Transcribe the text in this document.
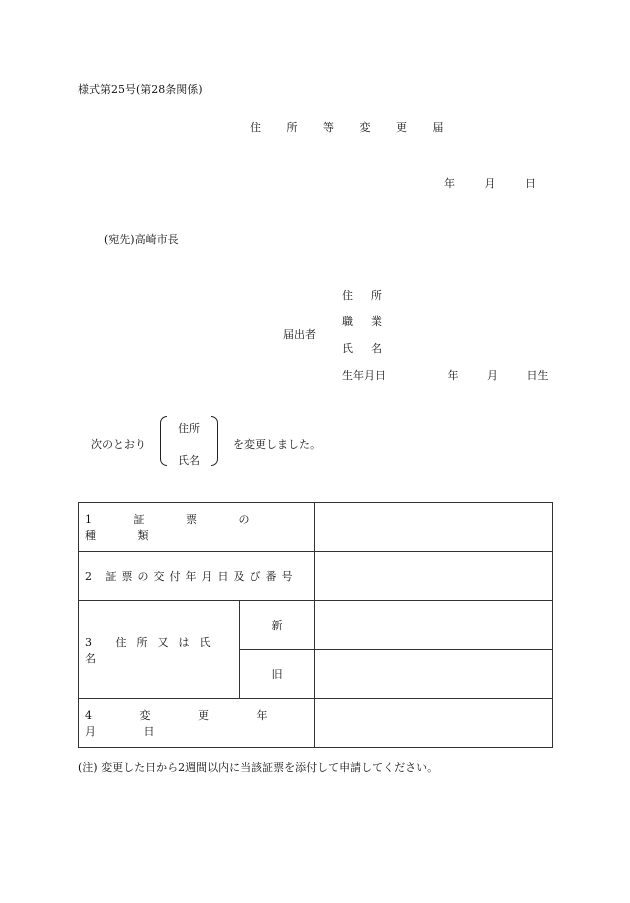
様式第25号(第28条関係)
住 所 等 変 更 届
年	月	日
(宛先)高崎市長
届出者
住所
職業
氏名
生年月日	年	月	日生
次のとおり
住所
氏名
を変更しました。
1 証 票 の 種 類		
2 証票の交付年月日及び番号		
3 住所又は氏名	新	
	旧	
4 変 更 年 月 日		
(注) 変更した日から2週間以内に当該証票を添付して申請してください。
